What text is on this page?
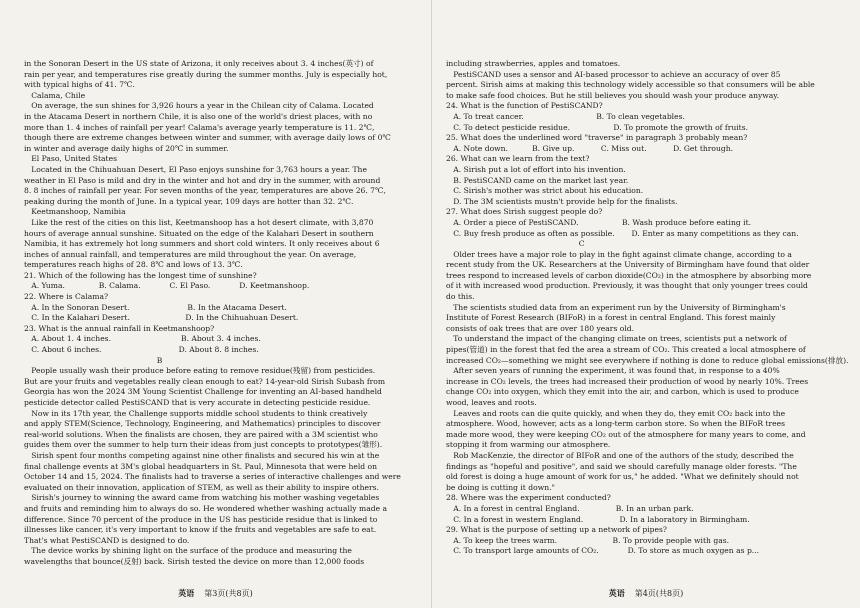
in the Sonoran Desert in the US state of Arizona, it only receives about 3. 4 inches(英寸) of
rain per year, and temperatures rise greatly during the summer months. July is especially hot,
with typical highs of 41. 7℃.
Calama, Chile
On average, the sun shines for 3,926 hours a year in the Chilean city of Calama. Located
in the Atacama Desert in northern Chile, it is also one of the world's driest places, with no
more than 1. 4 inches of rainfall per year! Calama's average yearly temperature is 11. 2℃,
though there are extreme changes between winter and summer, with average daily lows of 0℃
in winter and average daily highs of 20℃ in summer.
El Paso, United States
Located in the Chihuahuan Desert, El Paso enjoys sunshine for 3,763 hours a year. The
weather in El Paso is mild and dry in the winter and hot and dry in the summer, with around
8. 8 inches of rainfall per year. For seven months of the year, temperatures are above 26. 7℃,
peaking during the month of June. In a typical year, 109 days are hotter than 32. 2℃.
Keetmanshoop, Namibia
Like the rest of the cities on this list, Keetmanshoop has a hot desert climate, with 3,870
hours of average annual sunshine. Situated on the edge of the Kalahari Desert in southern
Namibia, it has extremely hot long summers and short cold winters. It only receives about 6
inches of annual rainfall, and temperatures are mild throughout the year. On average,
temperatures reach highs of 28. 8℃ and lows of 13. 3℃.
21. Which of the following has the longest time of sunshine?
A. Yuma.              B. Calama.            C. El Paso.            D. Keetmanshoop.
22. Where is Calama?
A. In the Sonoran Desert.                        B. In the Atacama Desert.
C. In the Kalahari Desert.                       D. In the Chihuahuan Desert.
23. What is the annual rainfall in Keetmanshoop?
A. About 1. 4 inches.                             B. About 3. 4 inches.
C. About 6 inches.                                D. About 8. 8 inches.
B
People usually wash their produce before eating to remove residue(残留) from pesticides.
But are your fruits and vegetables really clean enough to eat? 14-year-old Sirish Subash from
Georgia has won the 2024 3M Young Scientist Challenge for inventing an AI-based handheld
pesticide detector called PestiSCAND that is very accurate in detecting pesticide residue.
Now in its 17th year, the Challenge supports middle school students to think creatively
and apply STEM(Science, Technology, Engineering, and Mathematics) principles to discover
real-world solutions. When the finalists are chosen, they are paired with a 3M scientist who
guides them over the summer to help turn their ideas from just concepts to prototypes(雏形).
Sirish spent four months competing against nine other finalists and secured his win at the
final challenge events at 3M's global headquarters in St. Paul, Minnesota that were held on
October 14 and 15, 2024. The finalists had to traverse a series of interactive challenges and were
evaluated on their innovation, application of STEM, as well as their ability to inspire others.
Sirish's journey to winning the award came from watching his mother washing vegetables
and fruits and reminding him to always do so. He wondered whether washing actually made a
difference. Since 70 percent of the produce in the US has pesticide residue that is linked to
illnesses like cancer, it's very important to know if the fruits and vegetables are safe to eat.
That's what PestiSCAND is designed to do.
The device works by shining light on the surface of the produce and measuring the
wavelengths that bounce(反射) back. Sirish tested the device on more than 12,000 foods
英语 第3页(共8页)
including strawberries, apples and tomatoes.
PestiSCAND uses a sensor and AI-based processor to achieve an accuracy of over 85
percent. Sirish aims at making this technology widely accessible so that consumers will be able
to make safe food choices. But he still believes you should wash your produce anyway.
24. What is the function of PestiSCAND?
A. To treat cancer.                              B. To clean vegetables.
C. To detect pesticide residue.                  D. To promote the growth of fruits.
25. What does the underlined word "traverse" in paragraph 3 probably mean?
A. Note down.          B. Give up.           C. Miss out.           D. Get through.
26. What can we learn from the text?
A. Sirish put a lot of effort into his invention.
B. PestiSCAND came on the market last year.
C. Sirish's mother was strict about his education.
D. The 3M scientists mustn't provide help for the finalists.
27. What does Sirish suggest people do?
A. Order a piece of PestiSCAND.                  B. Wash produce before eating it.
C. Buy fresh produce as often as possible.       D. Enter as many competitions as they can.
C
Older trees have a major role to play in the fight against climate change, according to a
recent study from the UK. Researchers at the University of Birmingham have found that older
trees respond to increased levels of carbon dioxide(CO₂) in the atmosphere by absorbing more
of it with increased wood production. Previously, it was thought that only younger trees could
do this.
The scientists studied data from an experiment run by the University of Birmingham's
Institute of Forest Research (BIFoR) in a forest in central England. This forest mainly
consists of oak trees that are over 180 years old.
To understand the impact of the changing climate on trees, scientists put a network of
pipes(管道) in the forest that fed the area a stream of CO₂. This created a local atmosphere of
increased CO₂—something we might see everywhere if nothing is done to reduce global emissions(排放).
After seven years of running the experiment, it was found that, in response to a 40%
increase in CO₂ levels, the trees had increased their production of wood by nearly 10%. Trees
change CO₂ into oxygen, which they emit into the air, and carbon, which is used to produce
wood, leaves and roots.
Leaves and roots can die quite quickly, and when they do, they emit CO₂ back into the
atmosphere. Wood, however, acts as a long-term carbon store. So when the BIFoR trees
made more wood, they were keeping CO₂ out of the atmosphere for many years to come, and
stopping it from warming our atmosphere.
Rob MacKenzie, the director of BIFoR and one of the authors of the study, described the
findings as "hopeful and positive", and said we should carefully manage older forests. "The
old forest is doing a huge amount of work for us," he added. "What we definitely should not
be doing is cutting it down."
28. Where was the experiment conducted?
A. In a forest in central England.               B. In an urban park.
C. In a forest in western England.               D. In a laboratory in Birmingham.
29. What is the purpose of setting up a network of pipes?
A. To keep the trees warm.                       B. To provide people with gas.
C. To transport large amounts of CO₂.            D. To store as much oxygen as p...
英语 第4页(共8页)
